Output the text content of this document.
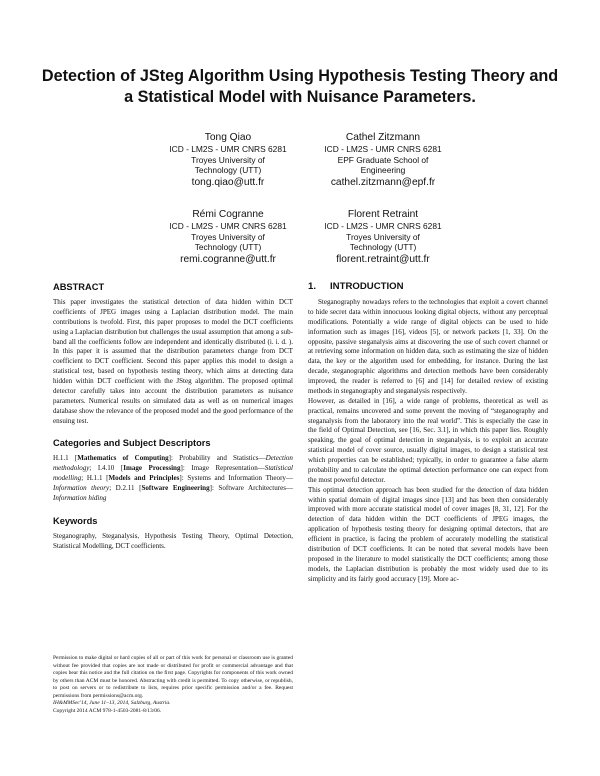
Detection of JSteg Algorithm Using Hypothesis Testing Theory and a Statistical Model with Nuisance Parameters.
Tong Qiao
ICD - LM2S - UMR CNRS 6281
Troyes University of
Technology (UTT)
tong.qiao@utt.fr
Cathel Zitzmann
ICD - LM2S - UMR CNRS 6281
EPF Graduate School of
Engineering
cathel.zitzmann@epf.fr
Rémi Cogranne
ICD - LM2S - UMR CNRS 6281
Troyes University of
Technology (UTT)
remi.cogranne@utt.fr
Florent Retraint
ICD - LM2S - UMR CNRS 6281
Troyes University of
Technology (UTT)
florent.retraint@utt.fr
ABSTRACT

This paper investigates the statistical detection of data hidden within DCT coefficients of JPEG images using a Laplacian distribution model. The main contributions is twofold. First, this paper proposes to model the DCT coefficients using a Laplacian distribution but challenges the usual assumption that among a sub-band all the coefficients follow are independent and identically distributed (i. i. d. ). In this paper it is assumed that the distribution parameters change from DCT coefficient to DCT coefficient. Second this paper applies this model to design a statistical test, based on hypothesis testing theory, which aims at detecting data hidden within DCT coefficient with the JSteg algorithm. The proposed optimal detector carefully takes into account the distribution parameters as nuisance parameters. Numerical results on simulated data as well as on numerical images database show the relevance of the proposed model and the good performance of the ensuing test.

Categories and Subject Descriptors

H.1.1 [Mathematics of Computing]: Probability and Statistics—Detection methodology; I.4.10 [Image Processing]: Image Representation—Statistical modelling; H.1.1 [Models and Principles]: Systems and Information Theory—Information theory; D.2.11 [Software Engineering]: Software Architectures—Information hiding

Keywords

Steganography, Steganalysis, Hypothesis Testing Theory, Optimal Detection, Statistical Modelling, DCT coefficients.

Permission to make digital or hard copies of all or part of this work for personal or classroom use is granted without fee provided that copies are not made or distributed for profit or commercial advantage and that copies bear this notice and the full citation on the first page. Copyrights for components of this work owned by others than ACM must be honored. Abstracting with credit is permitted. To copy otherwise, or republish, to post on servers or to redistribute to lists, requires prior specific permission and/or a fee. Request permissions from permissions@acm.org.

IH&MMSec'14, June 11–13, 2014, Salzburg, Austria.

Copyright 2014 ACM 978-1-4503-2081-8/13/06.

1. INTRODUCTION

Steganography nowadays refers to the technologies that exploit a covert channel to hide secret data within innocuous looking digital objects, without any perceptual modifications. Potentially a wide range of digital objects can be used to hide information such as images [16], videos [5], or network packets [1, 33]. On the opposite, passive steganalysis aims at discovering the use of such covert channel or at retrieving some information on hidden data, such as estimating the size of hidden data, the key or the algorithm used for embedding, for instance. During the last decade, steganographic algorithms and detection methods have been considerably improved, the reader is referred to [6] and [14] for detailed review of existing methods in steganography and steganalysis respectively.

However, as detailed in [16], a wide range of problems, theoretical as well as practical, remains uncovered and some prevent the moving of “steganography and steganalysis from the laboratory into the real world”. This is especially the case in the field of Optimal Detection, see [16, Sec. 3.1], in which this paper lies. Roughly speaking, the goal of optimal detection in steganalysis, is to exploit an accurate statistical model of cover source, usually digital images, to design a statistical test which properties can be established; typically, in order to guarantee a false alarm probability and to calculate the optimal detection performance one can expect from the most powerful detector.

This optimal detection approach has been studied for the detection of data hidden within spatial domain of digital images since [13] and has been then considerably improved with more accurate statistical model of cover images [8, 31, 12]. For the detection of data hidden within the DCT coefficients of JPEG images, the application of hypothesis testing theory for designing optimal detectors, that are efficient in practice, is facing the problem of accurately modelling the statistical distribution of DCT coefficients. It can be noted that several models have been proposed in the literature to model statistically the DCT coefficients; among those models, the Laplacian distribution is probably the most widely used due to its simplicity and its fairly good accuracy [19]. More ac-
